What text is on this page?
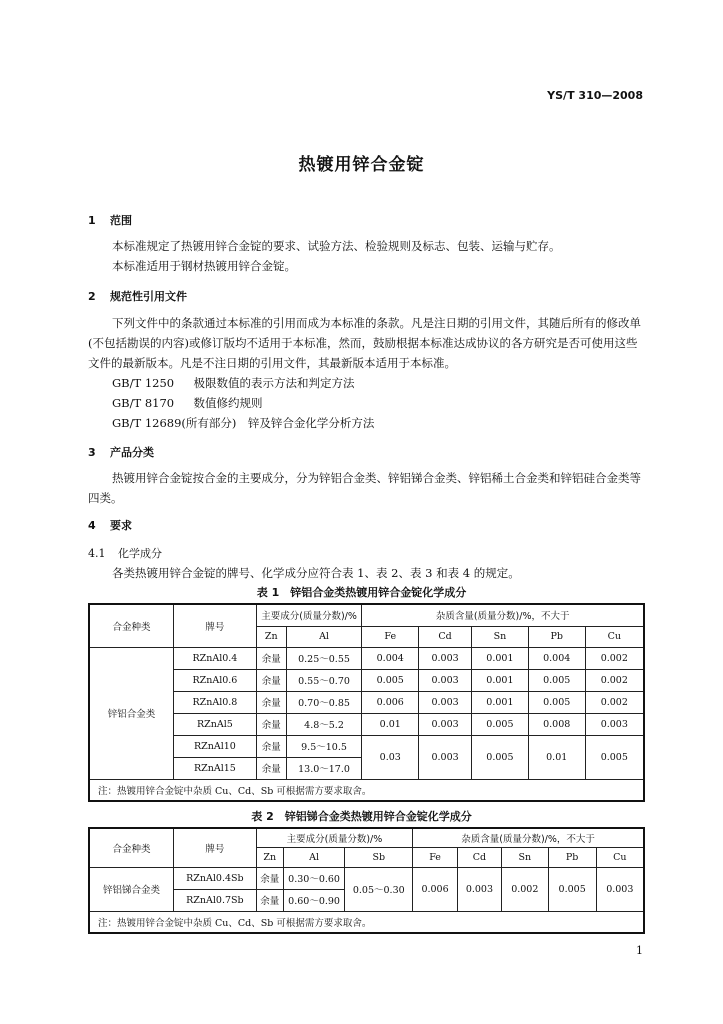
YS/T 310—2008
热镀用锌合金锭
1 范围
本标准规定了热镀用锌合金锭的要求、试验方法、检验规则及标志、包装、运输与贮存。
本标准适用于钢材热镀用锌合金锭。
2 规范性引用文件
下列文件中的条款通过本标准的引用而成为本标准的条款。凡是注日期的引用文件，其随后所有的修改单(不包括勘误的内容)或修订版均不适用于本标准，然而，鼓励根据本标准达成协议的各方研究是否可使用这些文件的最新版本。凡是不注日期的引用文件，其最新版本适用于本标准。
GB/T 1250　 极限数值的表示方法和判定方法
GB/T 8170　 数值修约规则
GB/T 12689(所有部分)　 锌及锌合金化学分析方法
3 产品分类
热镀用锌合金锭按合金的主要成分，分为锌铝合金类、锌铝锑合金类、锌铝稀土合金类和锌铝硅合金类等四类。
4 要求
4.1 化学成分
各类热镀用锌合金锭的牌号、化学成分应符合表 1、表 2、表 3 和表 4 的规定。
表 1　锌铝合金类热镀用锌合金锭化学成分
合金种类	牌号	主要成分(质量分数)/%		杂质含量(质量分数)/%，不大于				
		Zn	Al	Fe	Cd	Sn	Pb	Cu
锌铝合金类	RZnAl0.4	余量	0.25～0.55	0.004	0.003	0.001	0.004	0.002
	RZnAl0.6	余量	0.55～0.70	0.005	0.003	0.001	0.005	0.002
	RZnAl0.8	余量	0.70～0.85	0.006	0.003	0.001	0.005	0.002
	RZnAl5	余量	4.8～5.2	0.01	0.003	0.005	0.008	0.003
	RZnAl10	余量	9.5～10.5	0.03	0.003	0.005	0.01	0.005
	RZnAl15	余量	13.0～17.0					
注：热镀用锌合金锭中杂质 Cu、Cd、Sb 可根据需方要求取舍。								
表 2　锌铝锑合金类热镀用锌合金锭化学成分
合金种类	牌号	主要成分(质量分数)/%			杂质含量(质量分数)/%，不大于				
		Zn	Al	Sb	Fe	Cd	Sn	Pb	Cu
锌铝锑合金类	RZnAl0.4Sb	余量	0.30～0.60	0.05～0.30	0.006	0.003	0.002	0.005	0.003
	RZnAl0.7Sb	余量	0.60～0.90						
注：热镀用锌合金锭中杂质 Cu、Cd、Sb 可根据需方要求取舍。									
1
